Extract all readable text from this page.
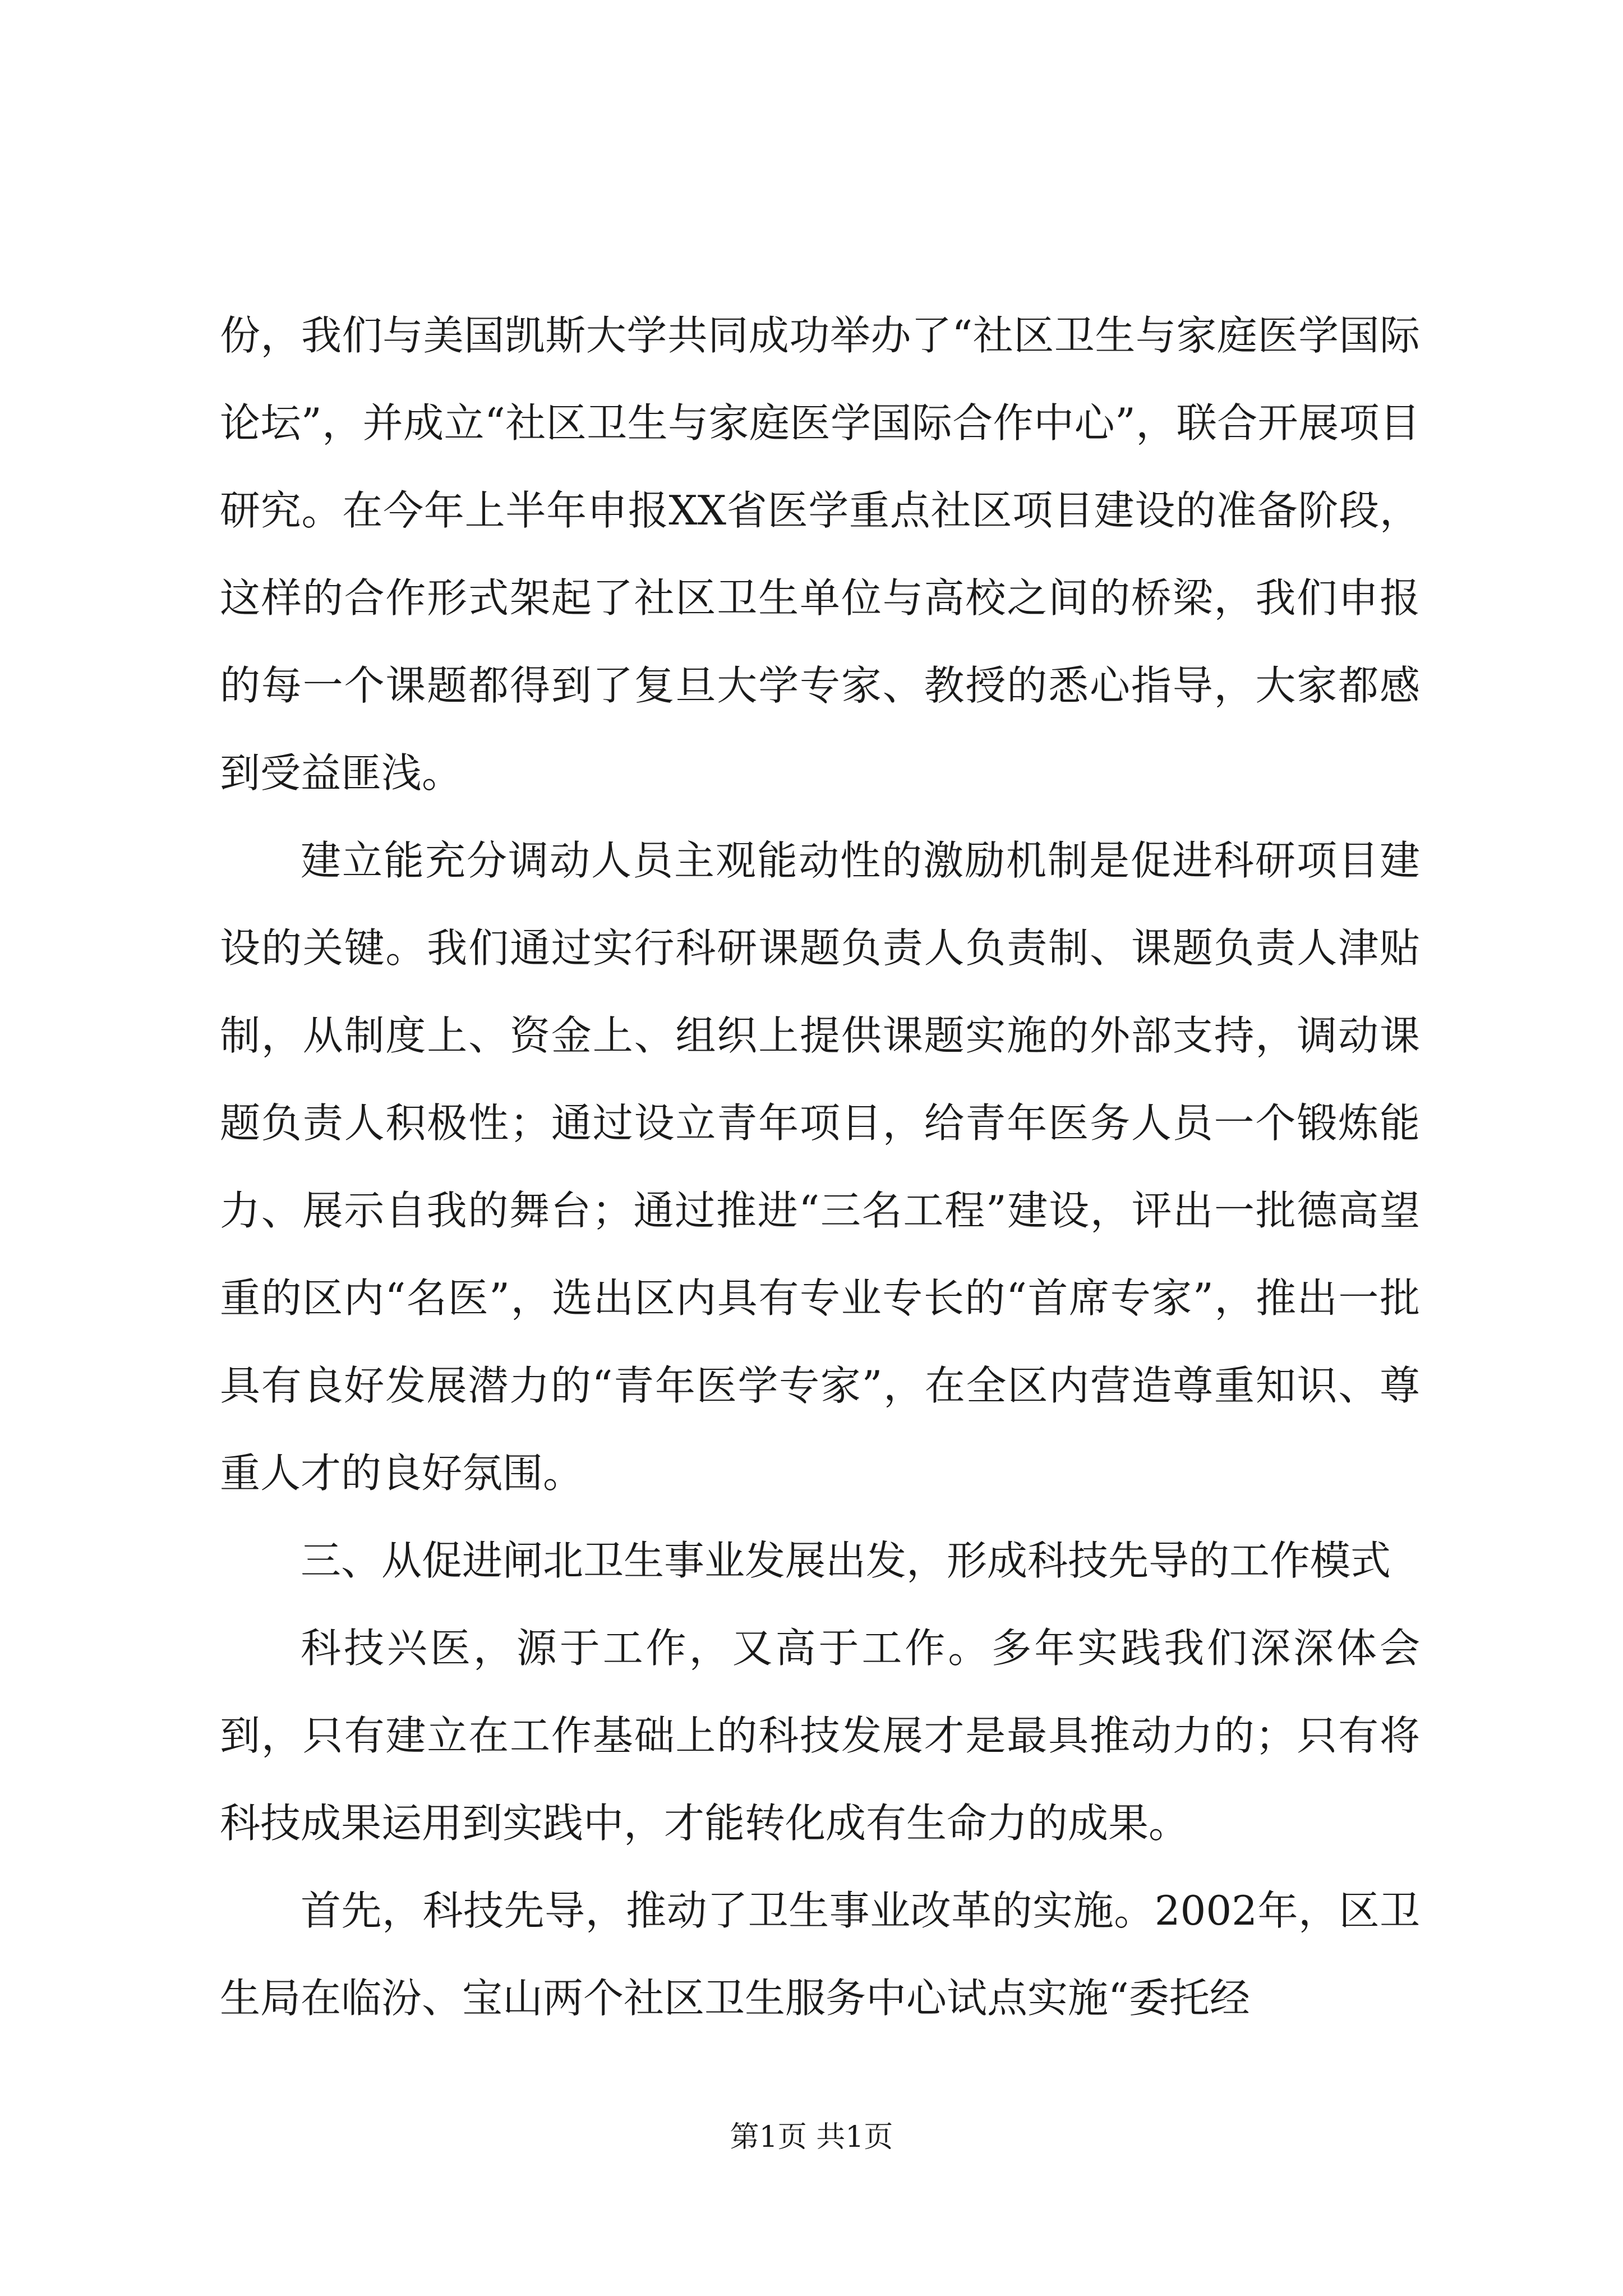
份，我们与美国凯斯大学共同成功举办了“社区卫生与家庭医学国际论坛”，并成立“社区卫生与家庭医学国际合作中心”，联合开展项目研究。在今年上半年申报XX省医学重点社区项目建设的准备阶段，这样的合作形式架起了社区卫生单位与高校之间的桥梁，我们申报的每一个课题都得到了复旦大学专家、教授的悉心指导，大家都感到受益匪浅。

建立能充分调动人员主观能动性的激励机制是促进科研项目建设的关键。我们通过实行科研课题负责人负责制、课题负责人津贴制，从制度上、资金上、组织上提供课题实施的外部支持，调动课题负责人积极性；通过设立青年项目，给青年医务人员一个锻炼能力、展示自我的舞台；通过推进“三名工程”建设，评出一批德高望重的区内“名医”，选出区内具有专业专长的“首席专家”，推出一批具有良好发展潜力的“青年医学专家”，在全区内营造尊重知识、尊重人才的良好氛围。

三、从促进闸北卫生事业发展出发，形成科技先导的工作模式

科技兴医，源于工作，又高于工作。多年实践我们深深体会到，只有建立在工作基础上的科技发展才是最具推动力的；只有将科技成果运用到实践中，才能转化成有生命力的成果。

首先，科技先导，推动了卫生事业改革的实施。2002年，区卫生局在临汾、宝山两个社区卫生服务中心试点实施“委托经

第1页 共1页
